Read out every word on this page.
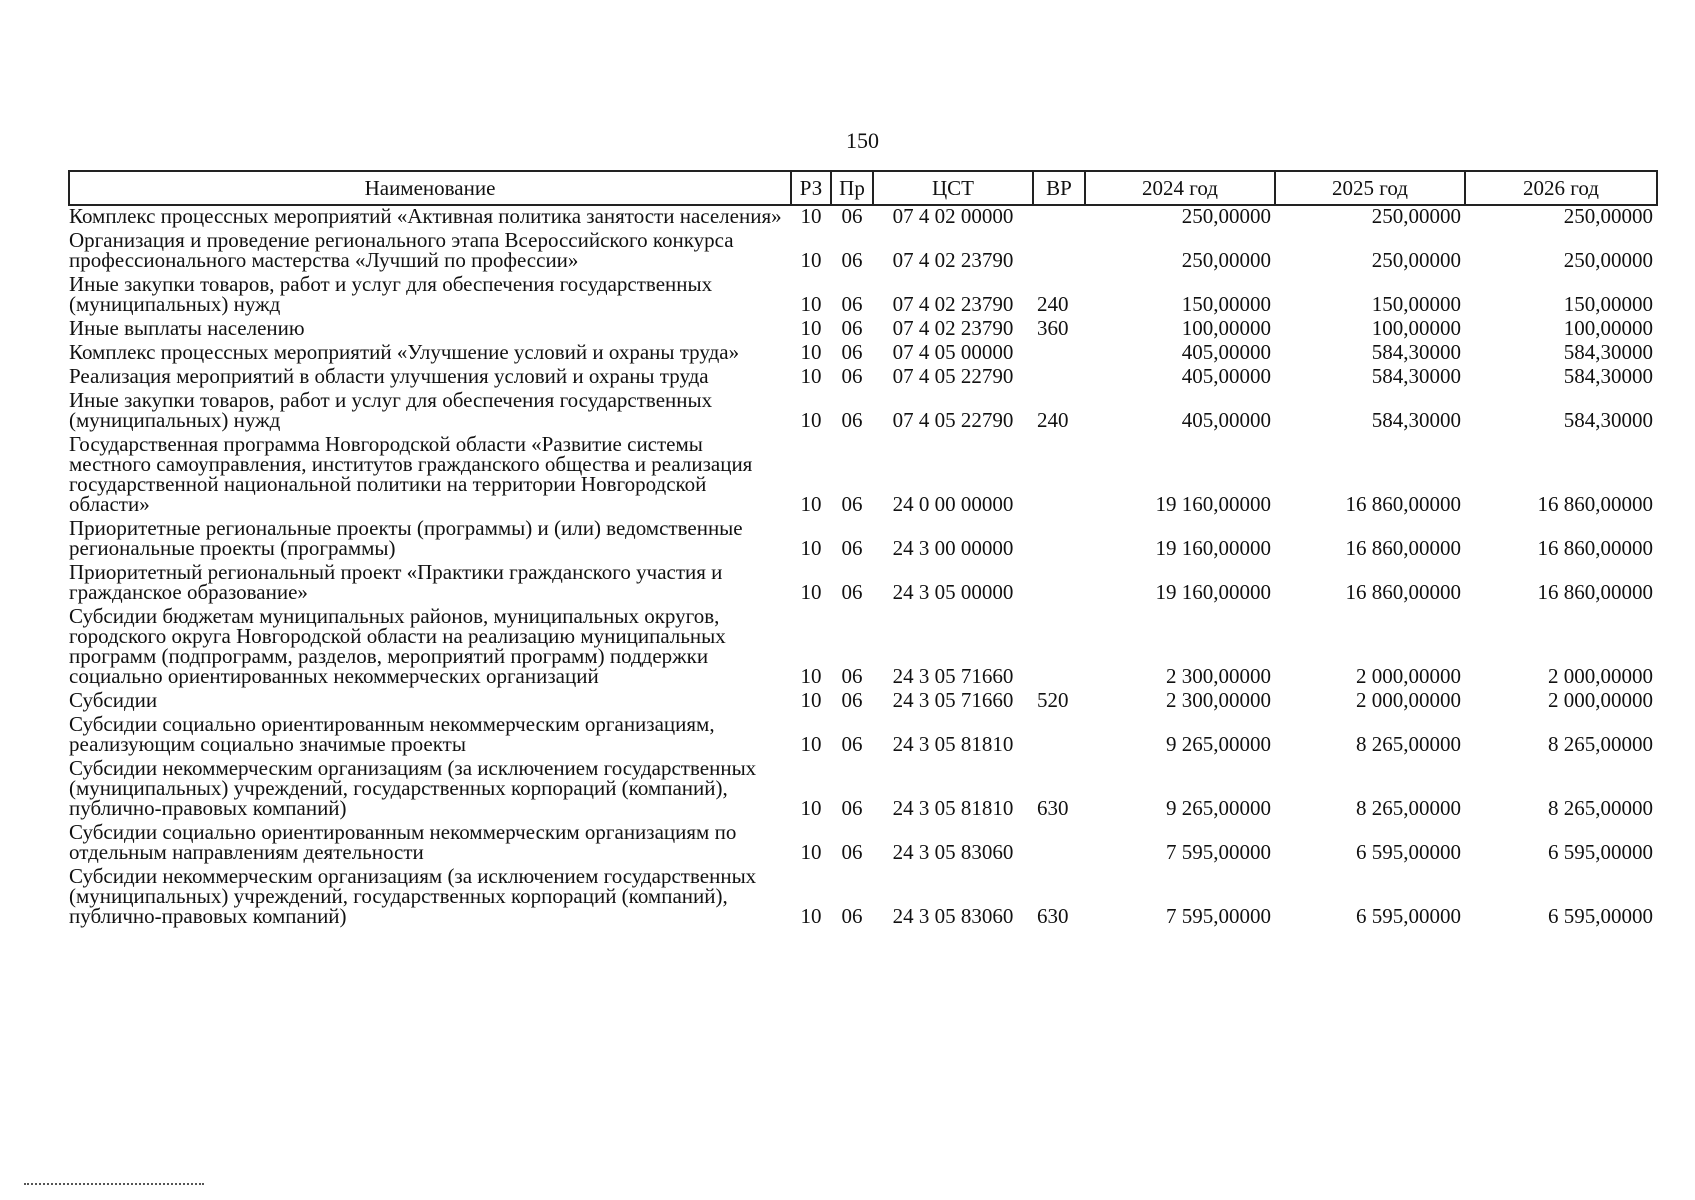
150
Наименование	РЗ	Пр	ЦСТ	ВР	2024 год	2025 год	2026 год
Комплекс процессных мероприятий «Активная политика занятости населения»	10	06	07 4 02 00000		250,00000	250,00000	250,00000
Организация и проведение регионального этапа Всероссийского конкурса профессионального мастерства «Лучший по профессии»	10	06	07 4 02 23790		250,00000	250,00000	250,00000
Иные закупки товаров, работ и услуг для обеспечения государственных (муниципальных) нужд	10	06	07 4 02 23790	240	150,00000	150,00000	150,00000
Иные выплаты населению	10	06	07 4 02 23790	360	100,00000	100,00000	100,00000
Комплекс процессных мероприятий «Улучшение условий и охраны труда»	10	06	07 4 05 00000		405,00000	584,30000	584,30000
Реализация мероприятий в области улучшения условий и охраны труда	10	06	07 4 05 22790		405,00000	584,30000	584,30000
Иные закупки товаров, работ и услуг для обеспечения государственных (муниципальных) нужд	10	06	07 4 05 22790	240	405,00000	584,30000	584,30000
Государственная программа Новгородской области «Развитие системы местного самоуправления, институтов гражданского общества и реализация государственной национальной политики на территории Новгородской области»	10	06	24 0 00 00000		19 160,00000	16 860,00000	16 860,00000
Приоритетные региональные проекты (программы) и (или) ведомственные региональные проекты (программы)	10	06	24 3 00 00000		19 160,00000	16 860,00000	16 860,00000
Приоритетный региональный проект «Практики гражданского участия и гражданское образование»	10	06	24 3 05 00000		19 160,00000	16 860,00000	16 860,00000
Субсидии бюджетам муниципальных районов, муниципальных округов, городского округа Новгородской области на реализацию муниципальных программ (подпрограмм, разделов, мероприятий программ) поддержки социально ориентированных некоммерческих организаций	10	06	24 3 05 71660		2 300,00000	2 000,00000	2 000,00000
Субсидии	10	06	24 3 05 71660	520	2 300,00000	2 000,00000	2 000,00000
Субсидии социально ориентированным некоммерческим организациям, реализующим социально значимые проекты	10	06	24 3 05 81810		9 265,00000	8 265,00000	8 265,00000
Субсидии некоммерческим организациям (за исключением государственных (муниципальных) учреждений, государственных корпораций (компаний), публично-правовых компаний)	10	06	24 3 05 81810	630	9 265,00000	8 265,00000	8 265,00000
Субсидии социально ориентированным некоммерческим организациям по отдельным направлениям деятельности	10	06	24 3 05 83060		7 595,00000	6 595,00000	6 595,00000
Субсидии некоммерческим организациям (за исключением государственных (муниципальных) учреждений, государственных корпораций (компаний), публично-правовых компаний)	10	06	24 3 05 83060	630	7 595,00000	6 595,00000	6 595,00000
